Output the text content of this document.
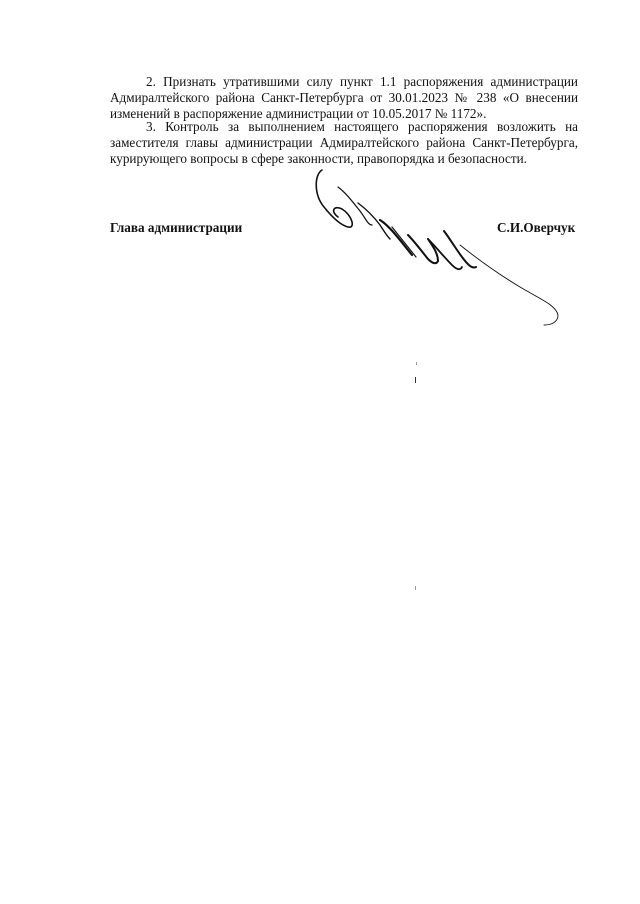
2. Признать утратившими силу пункт 1.1 распоряжения администрации Адмиралтейского района Санкт-Петербурга от 30.01.2023 № 238 «О внесении изменений в распоряжение администрации от 10.05.2017 № 1172».

3. Контроль за выполнением настоящего распоряжения возложить на заместителя главы администрации Адмиралтейского района Санкт-Петербурга, курирующего вопросы в сфере законности, правопорядка и безопасности.

Глава администрации	С.И.Оверчук
